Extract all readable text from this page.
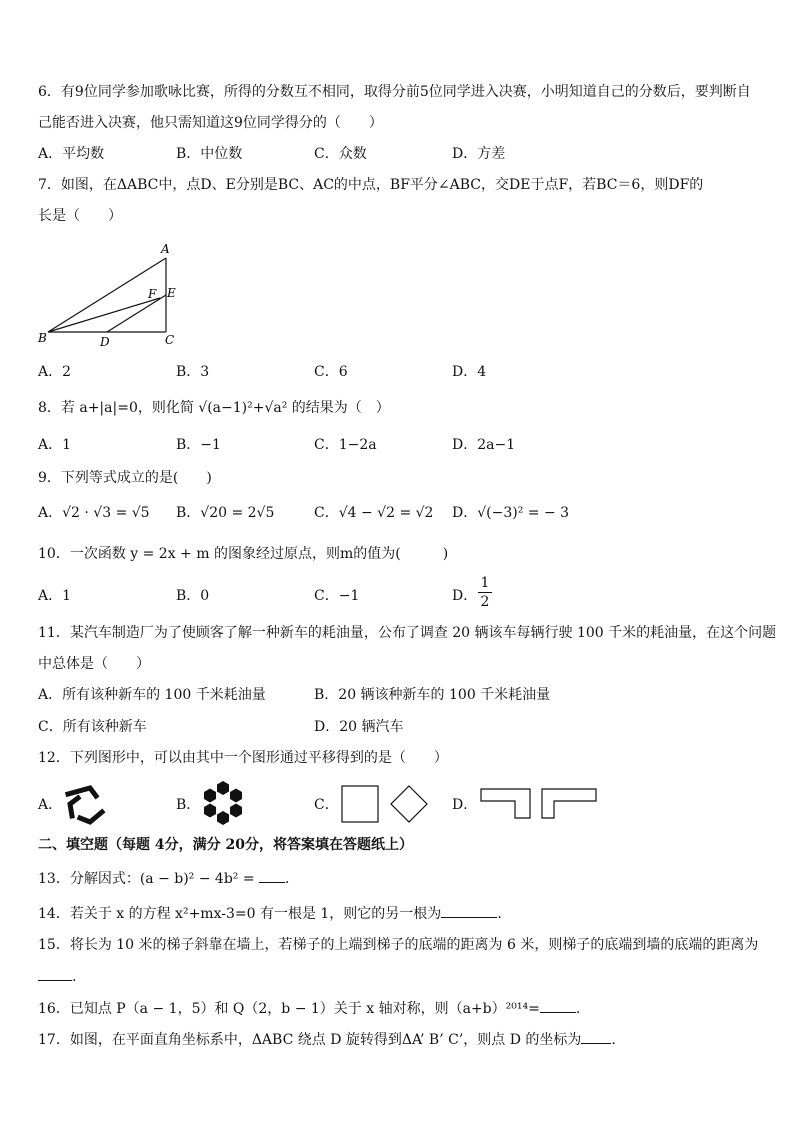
6．有9位同学参加歌咏比赛，所得的分数互不相同，取得分前5位同学进入决赛，小明知道自己的分数后，要判断自
己能否进入决赛，他只需知道这9位同学得分的（　　）
A．平均数	B．中位数	C．众数	D．方差
7．如图，在ΔABC中，点D、E分别是BC、AC的中点，BF平分∠ABC，交DE于点F，若BC＝6，则DF的
长是（　　）
A
B	C
D
E
F
A．2	B．3	C．6	D．4
8．若 a+|a|=0，则化简 √(a−1)²+√a² 的结果为（　）
A．1	B．−1	C．1−2a	D．2a−1
9．下列等式成立的是(　　)
A．√2 · √3 = √5 B．√20 = 2√5	C．√4 − √2 = √2 D．√(−3)² = − 3
10．一次函数 y = 2x + m 的图象经过原点，则m的值为(　　　)
A．1	B．0	C．−1	D． $\frac{1}{2}$
11．某汽车制造厂为了使顾客了解一种新车的耗油量，公布了调查 20 辆该车每辆行驶 100 千米的耗油量，在这个问题
中总体是（　　）
A．所有该种新车的 100 千米耗油量	B．20 辆该种新车的 100 千米耗油量
C．所有该种新车	D．20 辆汽车
12．下列图形中，可以由其中一个图形通过平移得到的是（　　）
A．	B．	C．	D．
二、填空题（每题 4分，满分 20分，将答案填在答题纸上）
13．分解因式：(a − b)² − 4b² = ．
14．若关于 x 的方程 x²+mx-3=0 有一根是 1，则它的另一根为	.
15．将长为 10 米的梯子斜靠在墙上，若梯子的上端到梯子的底端的距离为 6 米，则梯子的底端到墙的底端的距离为
.
16．已知点 P（a − 1，5）和 Q（2，b − 1）关于 x 轴对称，则（a+b）²⁰¹⁴=	.
17．如图，在平面直角坐标系中，ΔABC 绕点 D 旋转得到ΔA’ B’ C’，则点 D 的坐标为 .
